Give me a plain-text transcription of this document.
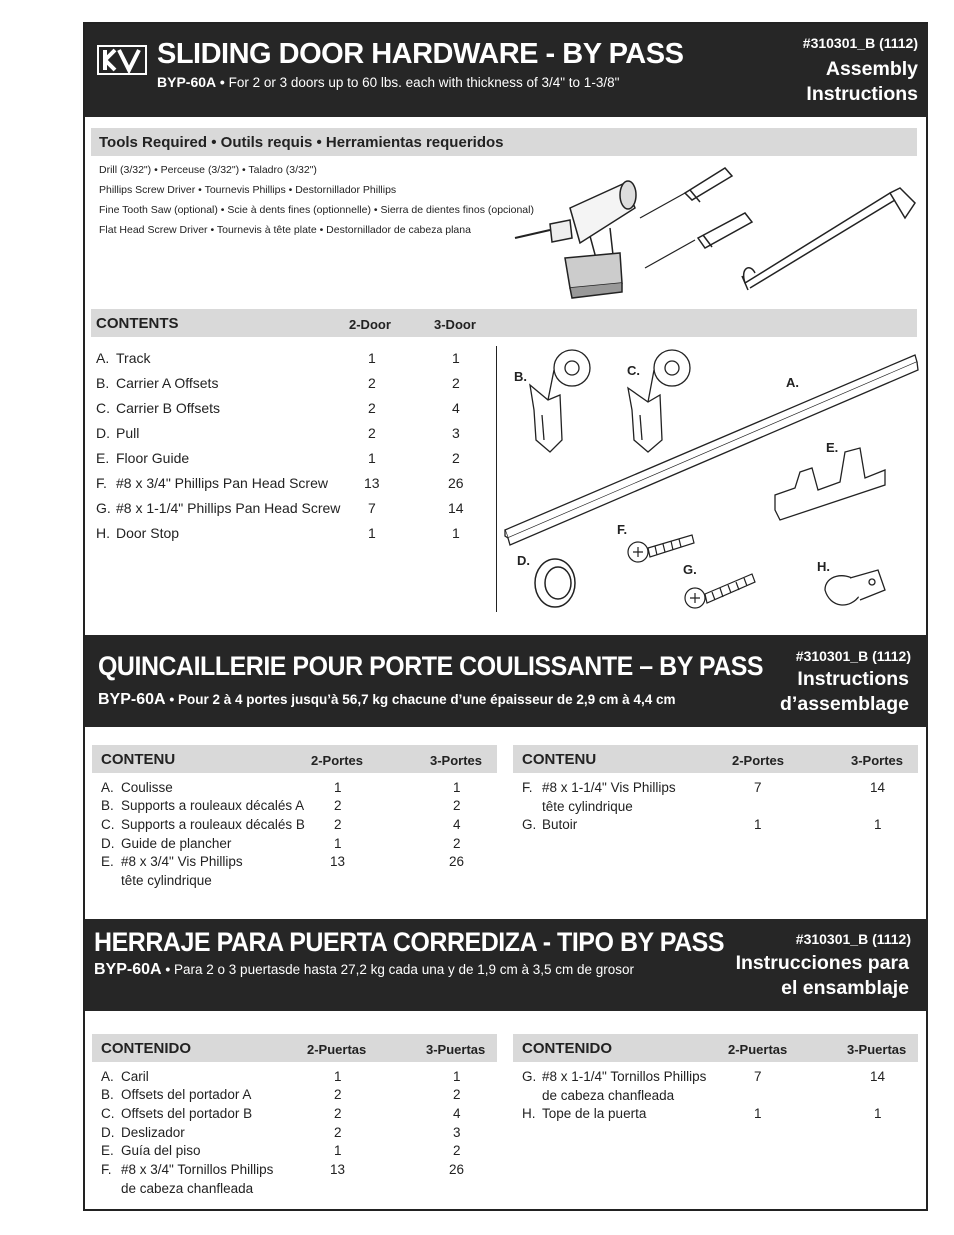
SLIDING DOOR HARDWARE - BY PASS
BYP-60A • For 2 or 3 doors up to 60 lbs. each with thickness of 3/4" to 1-3/8"
#310301_B (1112)
Assembly
Instructions
Tools Required • Outils requis • Herramientas requeridos
Drill (3/32") • Perceuse (3/32") • Taladro (3/32")
Phillips Screw Driver • Tournevis Phillips • Destornillador Phillips
Fine Tooth Saw (optional) • Scie à dents fines (optionnelle) • Sierra de dientes finos (opcional)
Flat Head Screw Driver • Tournevis à tête plate • Destornillador de cabeza plana
CONTENTS	2-Door	3-Door
A. Track	1	1
B. Carrier A Offsets	2	2
C. Carrier B Offsets	2	4
D. Pull	2	3
E. Floor Guide	1	2
F. #8 x 3/4" Phillips Pan Head Screw	13	26
G. #8 x 1-1/4" Phillips Pan Head Screw 7	14
H. Door Stop	1	1
B.	C.
A.
E.
F.
D.
G.	H.
QUINCAILLERIE POUR PORTE COULISSANTE – BY PASS
BYP-60A • Pour 2 à 4 portes jusqu’à 56,7 kg chacune d’une épaisseur de 2,9 cm à 4,4 cm
#310301_B (1112)
Instructions
d’assemblage
CONTENU	2-Portes	3-Portes	CONTENU	2-Portes	3-Portes
A. Coulisse	1	1
B. Supports a rouleaux décalés A 2	2
C. Supports a rouleaux décalés B 2	4
D. Guide de plancher	1	2
E. #8 x 3/4" Vis Phillips
tête cylindrique
13	26
F. #8 x 1-1/4" Vis Phillips
tête cylindrique
7	14
G. Butoir	1	1
HERRAJE PARA PUERTA CORREDIZA - TIPO BY PASS
BYP-60A • Para 2 o 3 puertasde hasta 27,2 kg cada una y de 1,9 cm à 3,5 cm de grosor
#310301_B (1112)
Instrucciones para
el ensamblaje
CONTENIDO	2-Puertas	3-Puertas CONTENIDO	2-Puertas	3-Puertas
A. Caril	1	1
B. Offsets del portador A	2	2
C. Offsets del portador B	2	4
D. Deslizador	2	3
E. Guía del piso	1	2
F. #8 x 3/4" Tornillos Phillips
de cabeza chanfleada
13	26
G. #8 x 1-1/4" Tornillos Phillips
de cabeza chanfleada
7	14
H. Tope de la puerta	1	1
